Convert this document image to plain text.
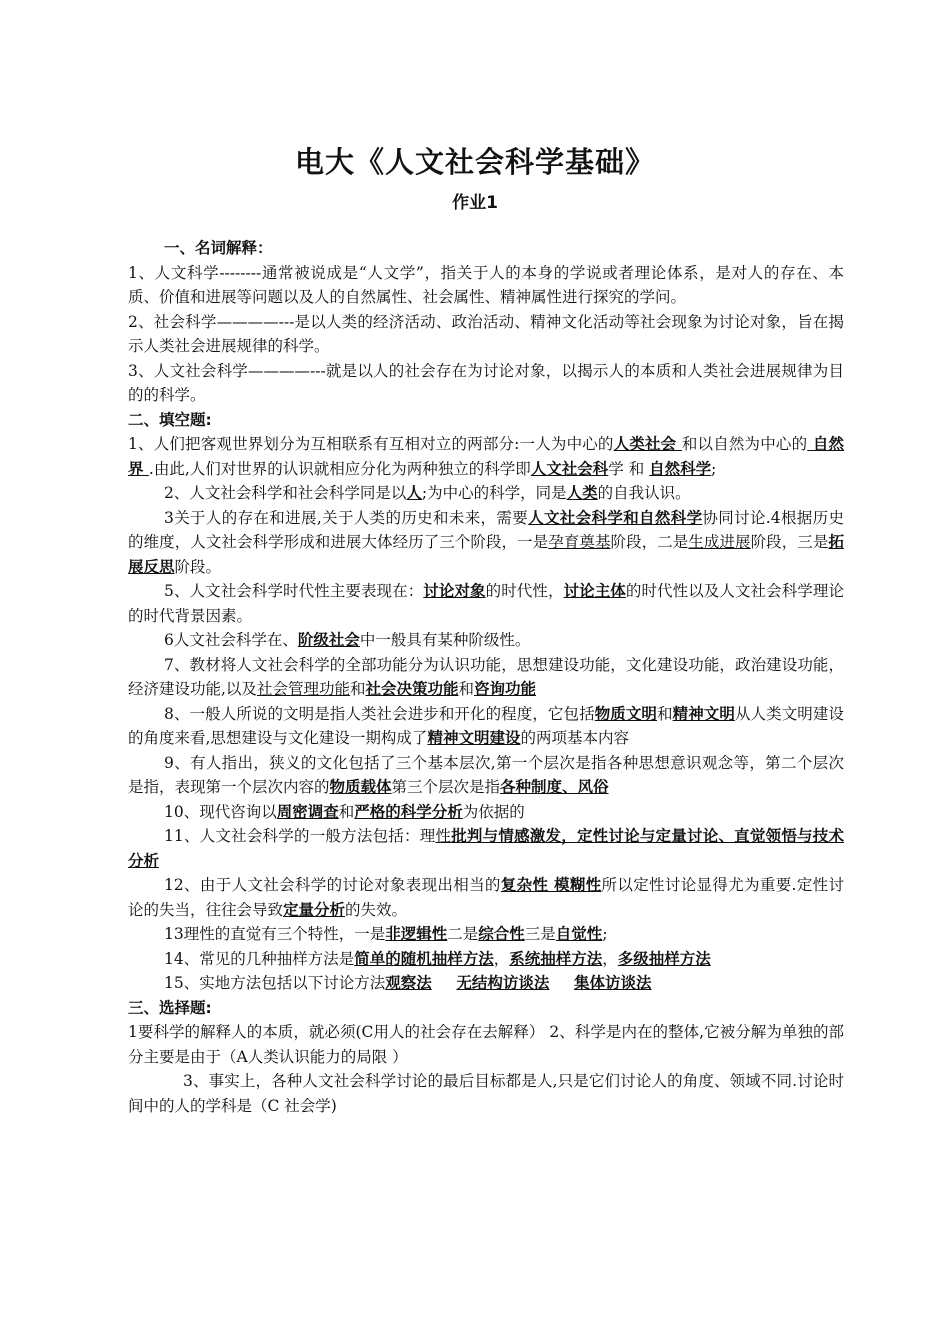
电大《人文社会科学基础》
作业1

一、名词解释：

1、人文科学--------通常被说成是“人文学”，指关于人的本身的学说或者理论体系，是对人的存在、本质、价值和进展等问题以及人的自然属性、社会属性、精神属性进行探究的学问。

2、社会科学————---是以人类的经济活动、政治活动、精神文化活动等社会现象为讨论对象，旨在揭示人类社会进展规律的科学。

3、人文社会科学————---就是以人的社会存在为讨论对象，以揭示人的本质和人类社会进展规律为目的的科学。

二、填空题:

1、人们把客观世界划分为互相联系有互相对立的两部分:一人为中心的人类社会 和以自然为中心的 自然界 .由此,人们对世界的认识就相应分化为两种独立的科学即人文社会科学 和 自然科学;

2、人文社会科学和社会科学同是以人;为中心的科学，同是人类的自我认识。

3关于人的存在和进展,关于人类的历史和未来，需要人文社会科学和自然科学协同讨论.4根据历史的维度，人文社会科学形成和进展大体经历了三个阶段，一是孕育奠基阶段，二是生成进展阶段，三是拓展反思阶段。

5、人文社会科学时代性主要表现在：讨论对象的时代性，讨论主体的时代性以及人文社会科学理论的时代背景因素。

6人文社会科学在、阶级社会中一般具有某种阶级性。

7、教材将人文社会科学的全部功能分为认识功能，思想建设功能，文化建设功能，政治建设功能，经济建设功能,以及社会管理功能和社会决策功能和咨询功能

8、一般人所说的文明是指人类社会进步和开化的程度，它包括物质文明和精神文明从人类文明建设的角度来看,思想建设与文化建设一期构成了精神文明建设的两项基本内容

9、有人指出，狭义的文化包括了三个基本层次,第一个层次是指各种思想意识观念等，第二个层次是指，表现第一个层次内容的物质载体第三个层次是指各种制度、风俗

10、现代咨询以周密调查和严格的科学分析为依据的

11、人文社会科学的一般方法包括：理性批判与情感激发，定性讨论与定量讨论、直觉领悟与技术分析

12、由于人文社会科学的讨论对象表现出相当的复杂性 模糊性所以定性讨论显得尤为重要.定性讨论的失当，往往会导致定量分析的失效。

13理性的直觉有三个特性，一是非逻辑性二是综合性三是自觉性;

14、常见的几种抽样方法是简单的随机抽样方法，系统抽样方法，多级抽样方法

15、实地方法包括以下讨论方法观察法 无结构访谈法 集体访谈法

三、选择题:

1要科学的解释人的本质，就必须(C用人的社会存在去解释） 2、科学是内在的整体,它被分解为单独的部分主要是由于（A人类认识能力的局限 ）

3、事实上，各种人文社会科学讨论的最后目标都是人,只是它们讨论人的角度、领域不同.讨论时间中的人的学科是（C 社会学)
